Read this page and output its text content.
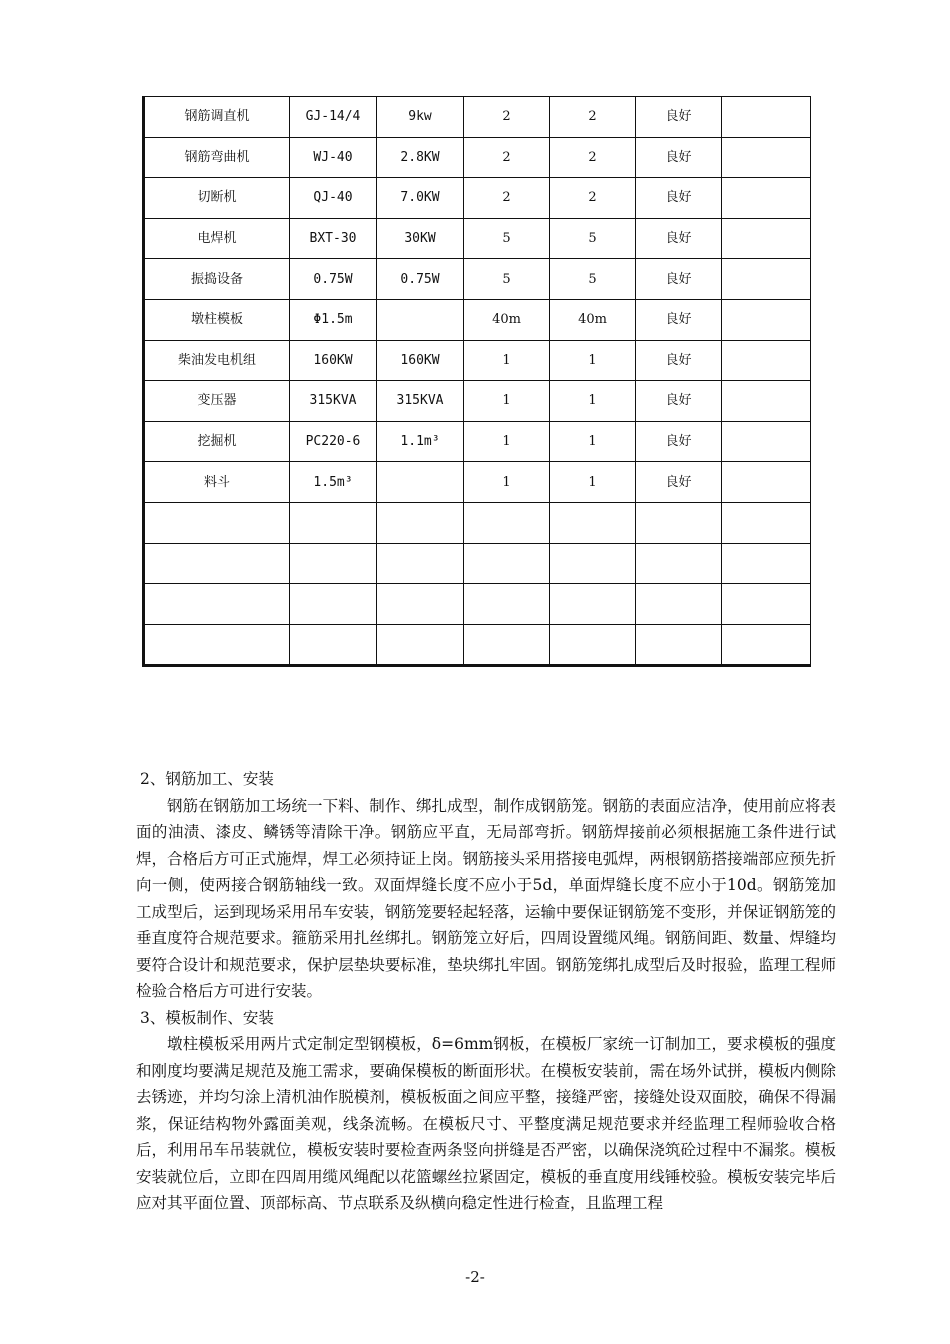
钢筋调直机	GJ-14/4	9kw	2	2	良好	
钢筋弯曲机	WJ-40	2.8KW	2	2	良好	
切断机	QJ-40	7.0KW	2	2	良好	
电焊机	BXT-30	30KW	5	5	良好	
振捣设备	0.75W	0.75W	5	5	良好	
墩柱模板	Φ1.5m		40m	40m	良好	
柴油发电机组	160KW	160KW	1	1	良好	
变压器	315KVA	315KVA	1	1	良好	
挖掘机	PC220-6	1.1m³	1	1	良好	
料斗	1.5m³		1	1	良好	

2、钢筋加工、安装

钢筋在钢筋加工场统一下料、制作、绑扎成型，制作成钢筋笼。钢筋的表面应洁净，使用前应将表面的油渍、漆皮、鳞锈等清除干净。钢筋应平直，无局部弯折。钢筋焊接前必须根据施工条件进行试焊，合格后方可正式施焊，焊工必须持证上岗。钢筋接头采用搭接电弧焊，两根钢筋搭接端部应预先折向一侧，使两接合钢筋轴线一致。双面焊缝长度不应小于5d，单面焊缝长度不应小于10d。钢筋笼加工成型后，运到现场采用吊车安装，钢筋笼要轻起轻落，运输中要保证钢筋笼不变形，并保证钢筋笼的垂直度符合规范要求。箍筋采用扎丝绑扎。钢筋笼立好后，四周设置缆风绳。钢筋间距、数量、焊缝均要符合设计和规范要求，保护层垫块要标准，垫块绑扎牢固。钢筋笼绑扎成型后及时报验，监理工程师检验合格后方可进行安装。

3、模板制作、安装

墩柱模板采用两片式定制定型钢模板，δ=6mm钢板，在模板厂家统一订制加工，要求模板的强度和刚度均要满足规范及施工需求，要确保模板的断面形状。在模板安装前，需在场外试拼，模板内侧除去锈迹，并均匀涂上清机油作脱模剂，模板板面之间应平整，接缝严密，接缝处设双面胶，确保不得漏浆，保证结构物外露面美观，线条流畅。在模板尺寸、平整度满足规范要求并经监理工程师验收合格后，利用吊车吊装就位，模板安装时要检查两条竖向拼缝是否严密，以确保浇筑砼过程中不漏浆。模板安装就位后，立即在四周用缆风绳配以花篮螺丝拉紧固定，模板的垂直度用线锤校验。模板安装完毕后应对其平面位置、顶部标高、节点联系及纵横向稳定性进行检查，且监理工程

-2-
